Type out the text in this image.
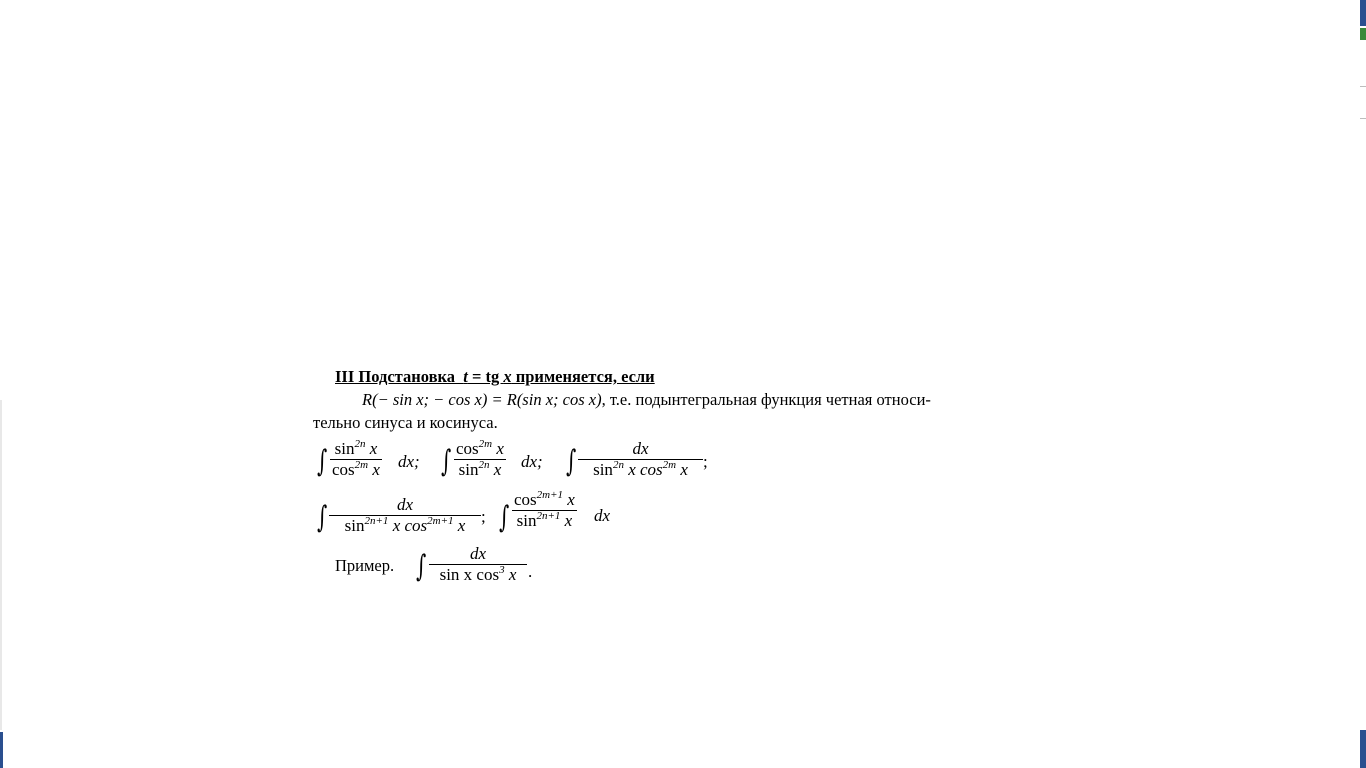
III Подстановка t = tg x применяется, если
R(− sin x; − cos x) = R(sin x; cos x), т.е. подынтегральная функция четная относи-
тельно синуса и косинуса.
∫ $\sin^{2n} x$
$\cos^{2m} x$ dx; ∫ $\cos^{2m} x$
$\sin^{2n} x$ dx; ∫	dx
$\sin^{2n} x$ $\cos^{2m} x$ ;
∫	dx
$\sin^{2n+1} x$ $\cos^{2m+1} x$ ; ∫
$\cos^{2m+1} x$
$\sin^{2n+1} x$ dx
Пример. ∫	dx
sin x $\cos^3 x$ .
